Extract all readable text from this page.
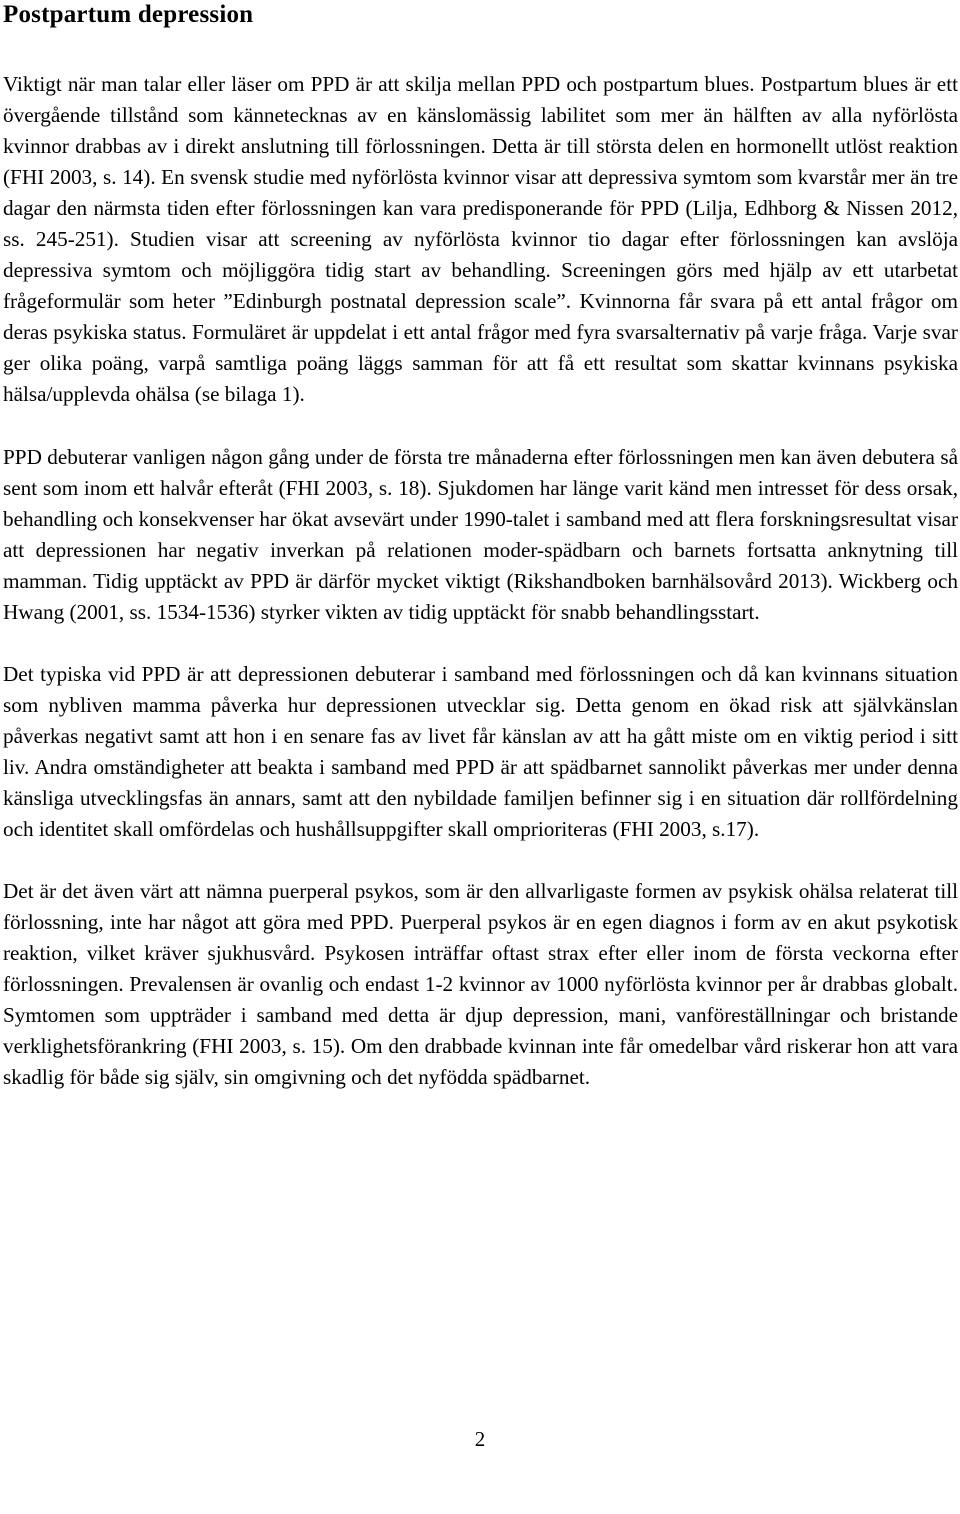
Postpartum depression

Viktigt när man talar eller läser om PPD är att skilja mellan PPD och postpartum blues. Postpartum blues är ett övergående tillstånd som kännetecknas av en känslomässig labilitet som mer än hälften av alla nyförlösta kvinnor drabbas av i direkt anslutning till förlossningen. Detta är till största delen en hormonellt utlöst reaktion (FHI 2003, s. 14). En svensk studie med nyförlösta kvinnor visar att depressiva symtom som kvarstår mer än tre dagar den närmsta tiden efter förlossningen kan vara predisponerande för PPD (Lilja, Edhborg & Nissen 2012, ss. 245-251). Studien visar att screening av nyförlösta kvinnor tio dagar efter förlossningen kan avslöja depressiva symtom och möjliggöra tidig start av behandling. Screeningen görs med hjälp av ett utarbetat frågeformulär som heter ”Edinburgh postnatal depression scale”. Kvinnorna får svara på ett antal frågor om deras psykiska status. Formuläret är uppdelat i ett antal frågor med fyra svarsalternativ på varje fråga. Varje svar ger olika poäng, varpå samtliga poäng läggs samman för att få ett resultat som skattar kvinnans psykiska hälsa/upplevda ohälsa (se bilaga 1).

PPD debuterar vanligen någon gång under de första tre månaderna efter förlossningen men kan även debutera så sent som inom ett halvår efteråt (FHI 2003, s. 18). Sjukdomen har länge varit känd men intresset för dess orsak, behandling och konsekvenser har ökat avsevärt under 1990-talet i samband med att flera forskningsresultat visar att depressionen har negativ inverkan på relationen moder-spädbarn och barnets fortsatta anknytning till mamman. Tidig upptäckt av PPD är därför mycket viktigt (Rikshandboken barnhälsovård 2013). Wickberg och Hwang (2001, ss. 1534-1536) styrker vikten av tidig upptäckt för snabb behandlingsstart.

Det typiska vid PPD är att depressionen debuterar i samband med förlossningen och då kan kvinnans situation som nybliven mamma påverka hur depressionen utvecklar sig. Detta genom en ökad risk att självkänslan påverkas negativt samt att hon i en senare fas av livet får känslan av att ha gått miste om en viktig period i sitt liv. Andra omständigheter att beakta i samband med PPD är att spädbarnet sannolikt påverkas mer under denna känsliga utvecklingsfas än annars, samt att den nybildade familjen befinner sig i en situation där rollfördelning och identitet skall omfördelas och hushållsuppgifter skall omprioriteras (FHI 2003, s.17).

Det är det även värt att nämna puerperal psykos, som är den allvarligaste formen av psykisk ohälsa relaterat till förlossning, inte har något att göra med PPD. Puerperal psykos är en egen diagnos i form av en akut psykotisk reaktion, vilket kräver sjukhusvård. Psykosen inträffar oftast strax efter eller inom de första veckorna efter förlossningen. Prevalensen är ovanlig och endast 1-2 kvinnor av 1000 nyförlösta kvinnor per år drabbas globalt. Symtomen som uppträder i samband med detta är djup depression, mani, vanföreställningar och bristande verklighetsförankring (FHI 2003, s. 15). Om den drabbade kvinnan inte får omedelbar vård riskerar hon att vara skadlig för både sig själv, sin omgivning och det nyfödda spädbarnet.

2
